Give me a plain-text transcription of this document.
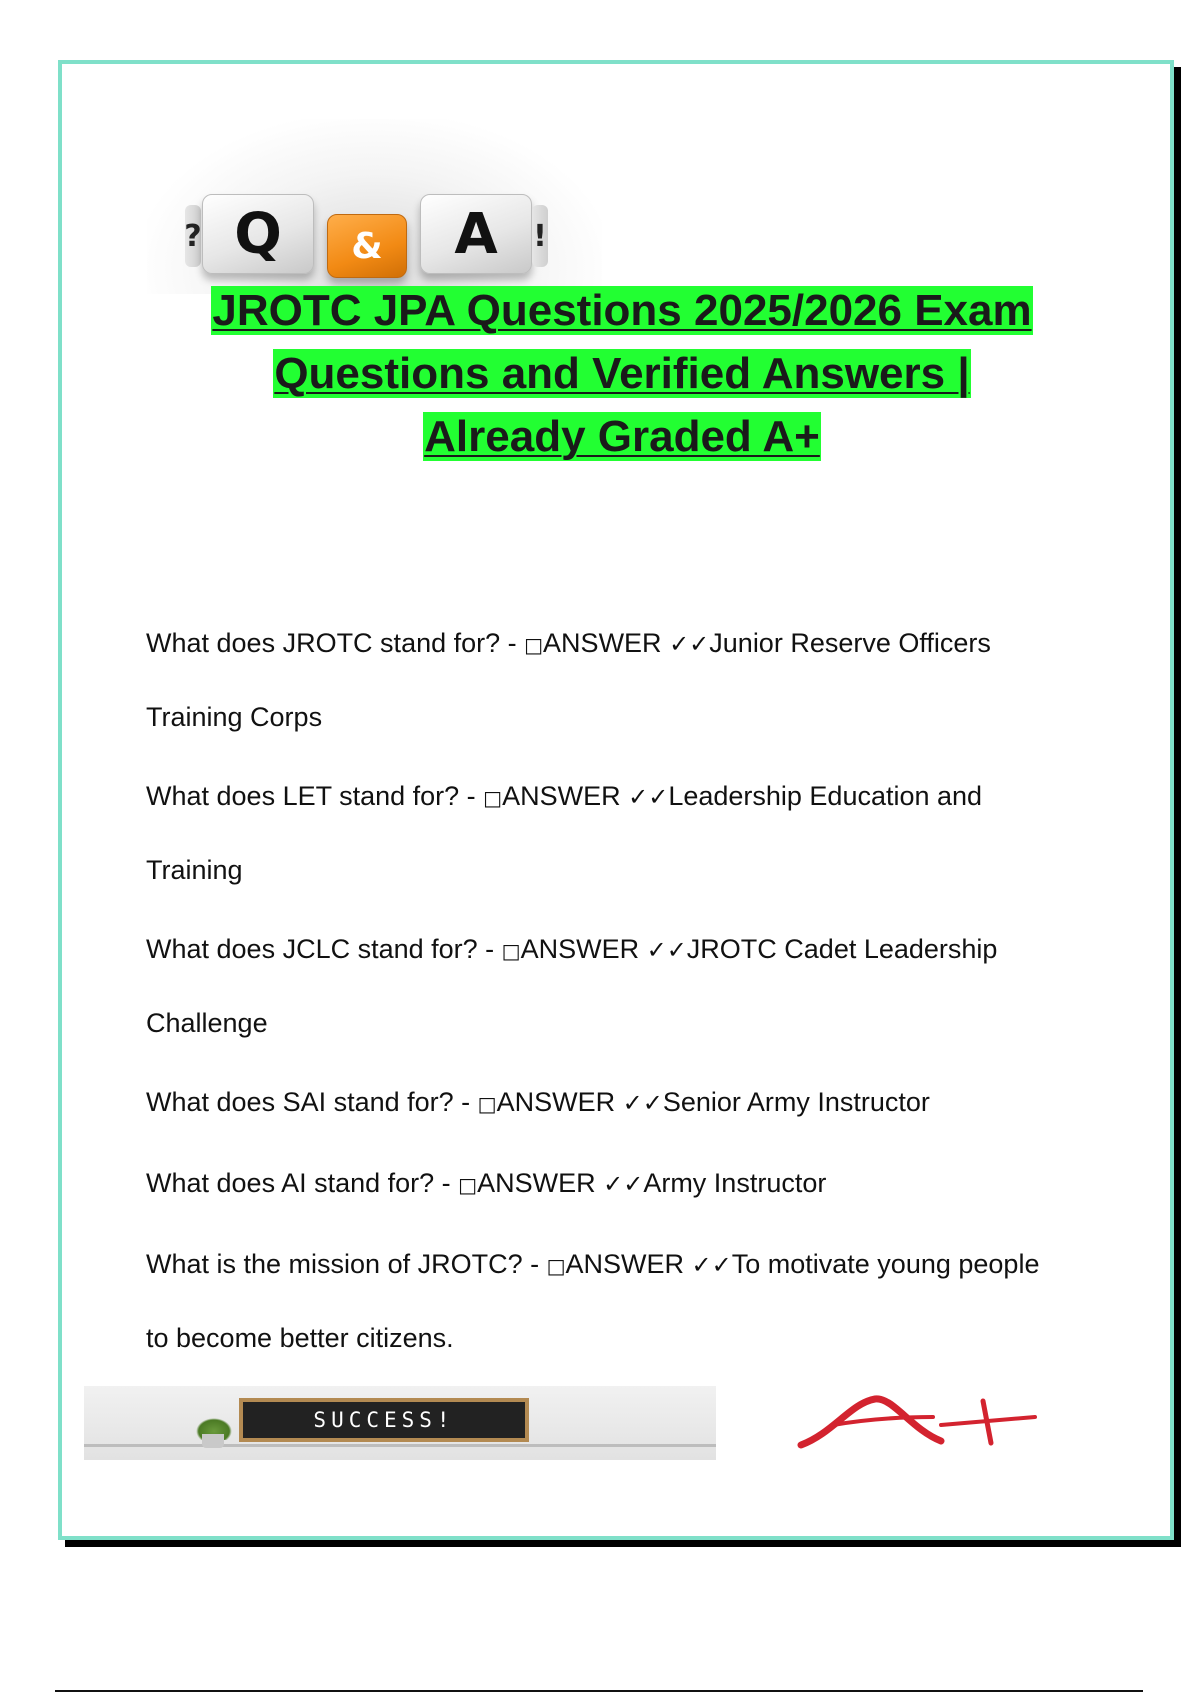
? Q	&	A	!
JROTC JPA Questions 2025/2026 Exam
Questions and Verified Answers |
Already Graded A+
What does JROTC stand for? - □ANSWER ✓✓Junior Reserve Officers
Training Corps
What does LET stand for? - □ANSWER ✓✓Leadership Education and
Training
What does JCLC stand for? - □ANSWER ✓✓JROTC Cadet Leadership
Challenge
What does SAI stand for? - □ANSWER ✓✓Senior Army Instructor
What does AI stand for? - □ANSWER ✓✓Army Instructor
What is the mission of JROTC? - □ANSWER ✓✓To motivate young people
to become better citizens.
SUCCESS!
